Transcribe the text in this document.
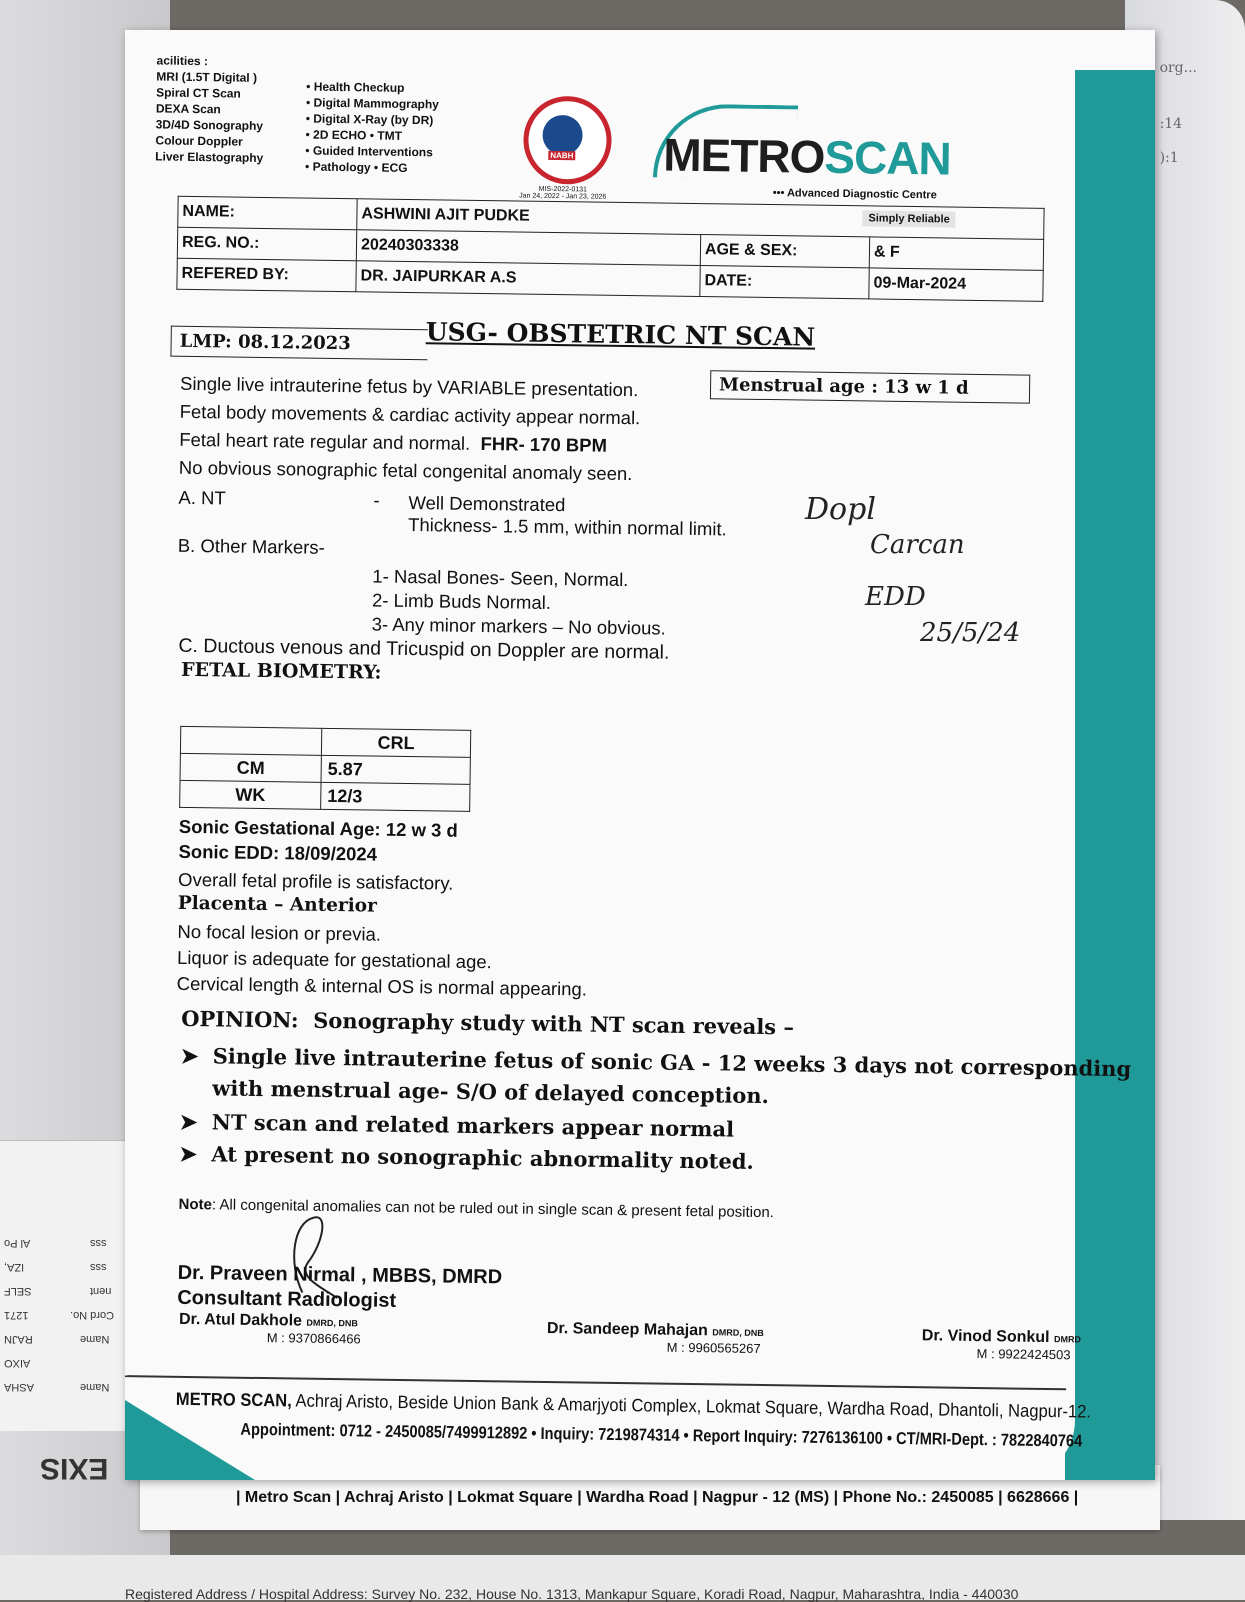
org...
:14
):1
Al Po
IZA,
SELF
1271
RAJN
AIXO
ASHA
sss
sss
nent
Cord No.
Name
Name
EXIS
Registered Address / Hospital Address: Survey No. 232, House No. 1313, Mankapur Square, Koradi Road, Nagpur, Maharashtra, India - 440030
| Metro Scan | Achraj Aristo | Lokmat Square | Wardha Road | Nagpur - 12 (MS) | Phone No.: 2450085 | 6628666 |
acilities :
MRI (1.5T Digital )
Spiral CT Scan
DEXA Scan
3D/4D Sonography
Colour Doppler
Liver Elastography
• Health Checkup
• Digital Mammography
• Digital X-Ray (by DR)
• 2D ECHO • TMT
• Guided Interventions
• Pathology • ECG
NABH
MIS-2022-0131
Jan 24, 2022 - Jan 23, 2026
METROSCAN
••• Advanced Diagnostic Centre
Simply Reliable
NAME:	ASHWINI AJIT PUDKE		
REG. NO.:	20240303338	AGE & SEX:	& F
REFERED BY:	DR. JAIPURKAR A.S	DATE:	09-Mar-2024
LMP: 08.12.2023	USG- OBSTETRIC NT SCAN
Menstrual age : 13 w 1 d
Single live intrauterine fetus by VARIABLE presentation.
Fetal body movements & cardiac activity appear normal.
Fetal heart rate regular and normal. FHR- 170 BPM
No obvious sonographic fetal congenital anomaly seen.
A. NT	- Well Demonstrated
Thickness- 1.5 mm, within normal limit.
B. Other Markers-
1- Nasal Bones- Seen, Normal.
2- Limb Buds Normal.
3- Any minor markers – No obvious.
C. Ductous venous and Tricuspid on Doppler are normal.
FETAL BIOMETRY:
	CRL
CM	5.87
WK	12/3
Sonic Gestational Age: 12 w 3 d
Sonic EDD: 18/09/2024
Overall fetal profile is satisfactory.
Placenta – Anterior
No focal lesion or previa.
Liquor is adequate for gestational age.
Cervical length & internal OS is normal appearing.
OPINION: Sonography study with NT scan reveals –
➤ Single live intrauterine fetus of sonic GA - 12 weeks 3 days not corresponding
with menstrual age- S/O of delayed conception.
➤ NT scan and related markers appear normal
➤ At present no sonographic abnormality noted.
Note: All congenital anomalies can not be ruled out in single scan & present fetal position.
Dr. Praveen Nirmal , MBBS, DMRD
Consultant Radiologist
Dr. Atul Dakhole DMRD, DNB
M : 9370866466	Dr. Sandeep Mahajan DMRD, DNB
M : 9960565267
Dr. Vinod Sonkul DMRD
M : 9922424503
METRO SCAN, Achraj Aristo, Beside Union Bank & Amarjyoti Complex, Lokmat Square, Wardha Road, Dhantoli, Nagpur-12.
Appointment: 0712 - 2450085/7499912892 • Inquiry: 7219874314 • Report Inquiry: 7276136100 • CT/MRI-Dept. : 7822840764
Dopl
Carcan
EDD
25/5/24
